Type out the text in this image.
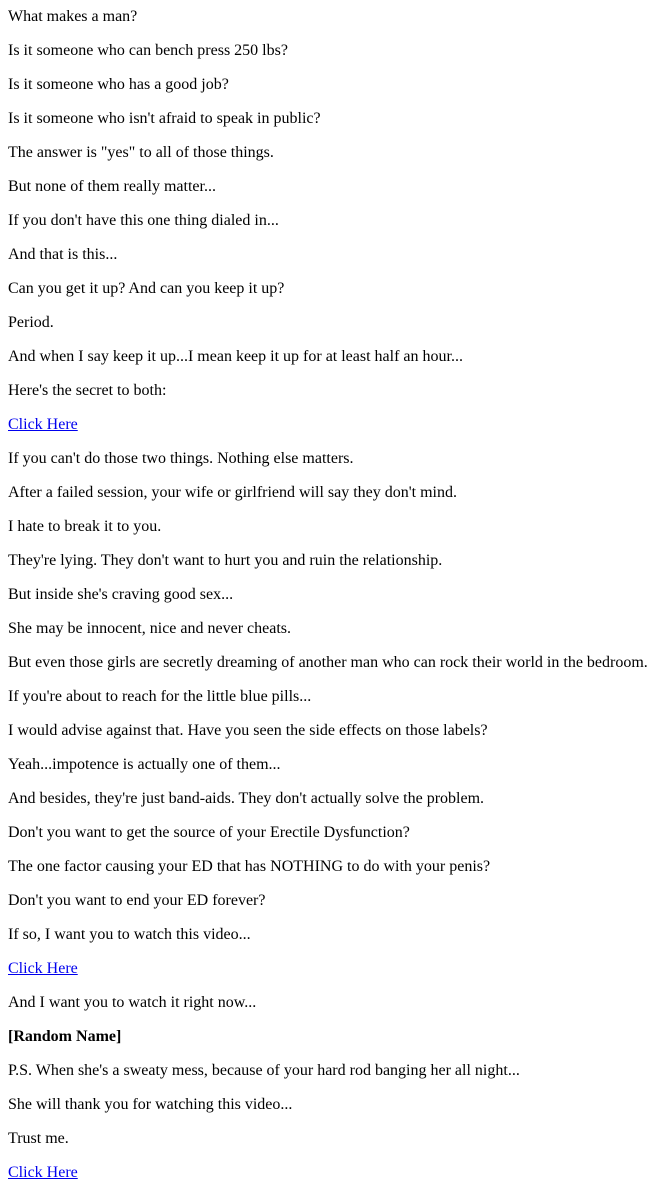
What makes a man?

Is it someone who can bench press 250 lbs?

Is it someone who has a good job?

Is it someone who isn't afraid to speak in public?

The answer is "yes" to all of those things.

But none of them really matter...

If you don't have this one thing dialed in...

And that is this...

Can you get it up? And can you keep it up?

Period.

And when I say keep it up...I mean keep it up for at least half an hour...

Here's the secret to both:

Click Here

If you can't do those two things. Nothing else matters.

After a failed session, your wife or girlfriend will say they don't mind.

I hate to break it to you.

They're lying. They don't want to hurt you and ruin the relationship.

But inside she's craving good sex...

She may be innocent, nice and never cheats.

But even those girls are secretly dreaming of another man who can rock their world in the bedroom.

If you're about to reach for the little blue pills...

I would advise against that. Have you seen the side effects on those labels?

Yeah...impotence is actually one of them...

And besides, they're just band-aids. They don't actually solve the problem.

Don't you want to get the source of your Erectile Dysfunction?

The one factor causing your ED that has NOTHING to do with your penis?

Don't you want to end your ED forever?

If so, I want you to watch this video...

Click Here

And I want you to watch it right now...

[Random Name]

P.S. When she's a sweaty mess, because of your hard rod banging her all night...

She will thank you for watching this video...

Trust me.

Click Here
